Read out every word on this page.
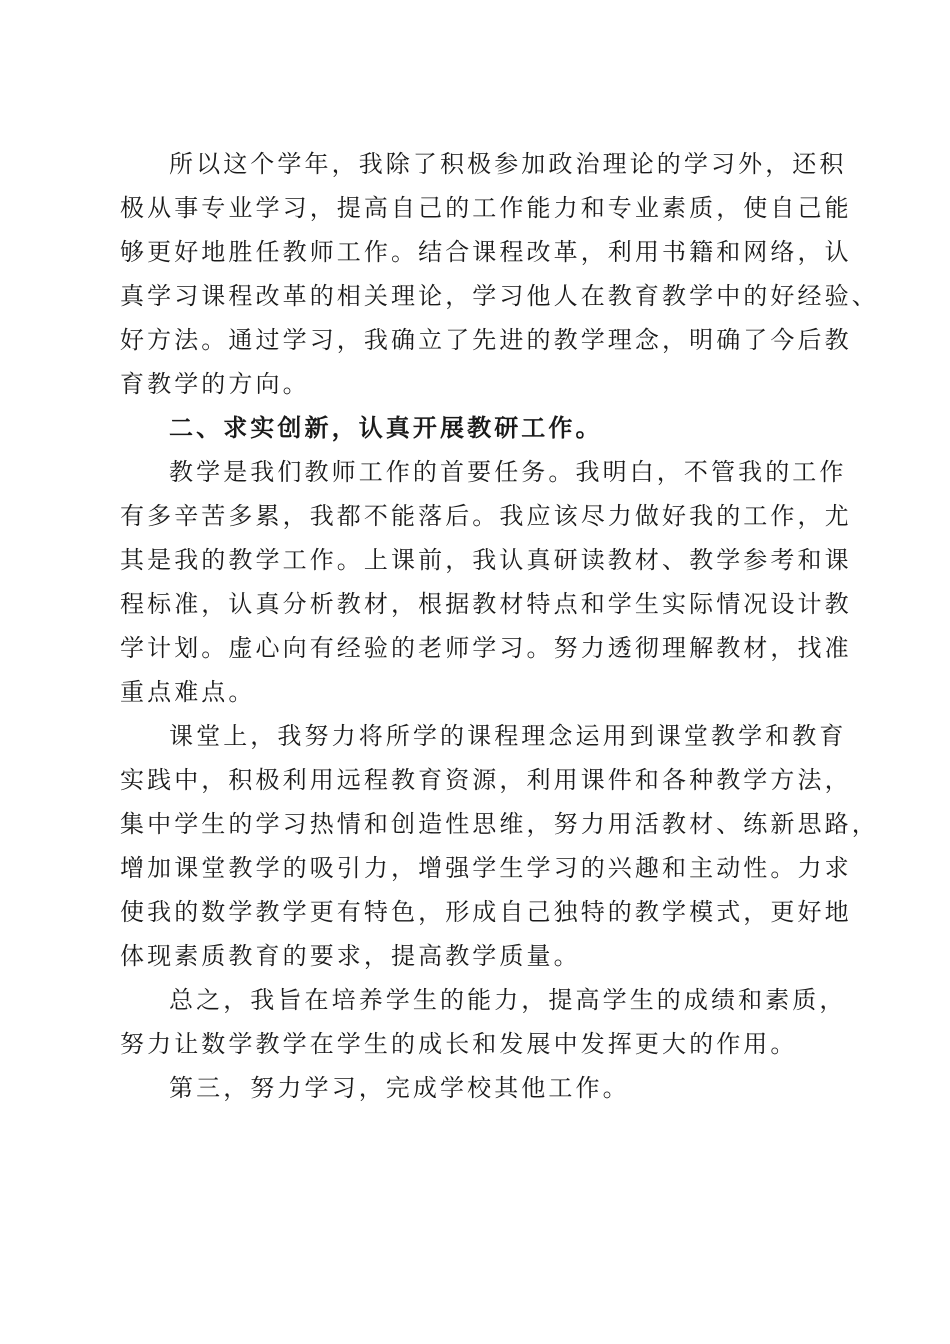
所以这个学年，我除了积极参加政治理论的学习外，还积
极从事专业学习，提高自己的工作能力和专业素质，使自己能
够更好地胜任教师工作。结合课程改革，利用书籍和网络，认
真学习课程改革的相关理论，学习他人在教育教学中的好经验、
好方法。通过学习，我确立了先进的教学理念，明确了今后教
育教学的方向。
二、求实创新，认真开展教研工作。
教学是我们教师工作的首要任务。我明白，不管我的工作
有多辛苦多累，我都不能落后。我应该尽力做好我的工作，尤
其是我的教学工作。上课前，我认真研读教材、教学参考和课
程标准，认真分析教材，根据教材特点和学生实际情况设计教
学计划。虚心向有经验的老师学习。努力透彻理解教材，找准
重点难点。
课堂上，我努力将所学的课程理念运用到课堂教学和教育
实践中，积极利用远程教育资源，利用课件和各种教学方法，
集中学生的学习热情和创造性思维，努力用活教材、练新思路，
增加课堂教学的吸引力，增强学生学习的兴趣和主动性。力求
使我的数学教学更有特色，形成自己独特的教学模式，更好地
体现素质教育的要求，提高教学质量。
总之，我旨在培养学生的能力，提高学生的成绩和素质，
努力让数学教学在学生的成长和发展中发挥更大的作用。
第三，努力学习，完成学校其他工作。
